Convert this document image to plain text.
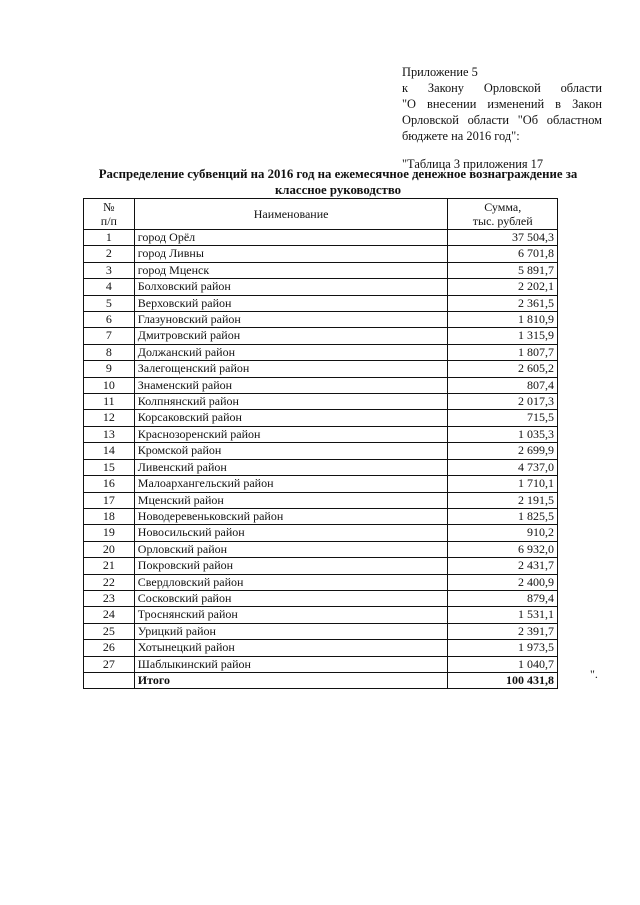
Приложение 5
к Закону Орловской области
"О внесении изменений в Закон
Орловской области "Об областном
бюджете на 2016 год":
"Таблица 3 приложения 17
Распределение субвенций на 2016 год на ежемесячное денежное вознаграждение за классное руководство
№
п/п	Наименование	Сумма,
тыс. рублей
1	город Орёл	37 504,3
2	город Ливны	6 701,8
3	город Мценск	5 891,7
4	Болховский район	2 202,1
5	Верховский район	2 361,5
6	Глазуновский район	1 810,9
7	Дмитровский район	1 315,9
8	Должанский район	1 807,7
9	Залегощенский район	2 605,2
10	Знаменский район	807,4
11	Колпнянский район	2 017,3
12	Корсаковский район	715,5
13	Краснозоренский район	1 035,3
14	Кромской район	2 699,9
15	Ливенский район	4 737,0
16	Малоархангельский район	1 710,1
17	Мценский район	2 191,5
18	Новодеревеньковский район	1 825,5
19	Новосильский район	910,2
20	Орловский район	6 932,0
21	Покровский район	2 431,7
22	Свердловский район	2 400,9
23	Сосковский район	879,4
24	Троснянский район	1 531,1
25	Урицкий район	2 391,7
26	Хотынецкий район	1 973,5
27	Шаблыкинский район	1 040,7
	Итого	100 431,8	".
